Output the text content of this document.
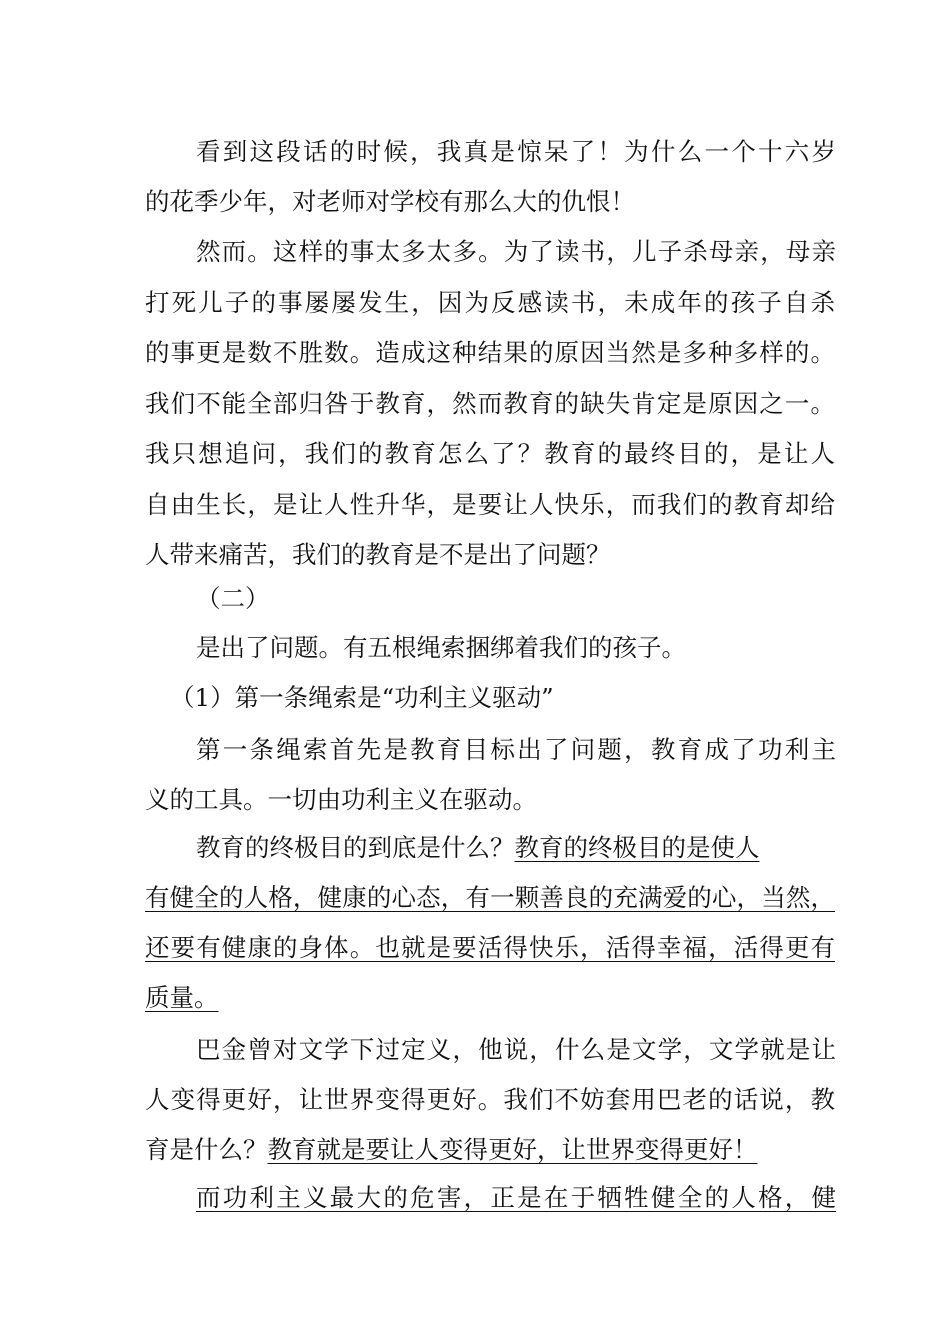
看到这段话的时候，我真是惊呆了！为什么一个十六岁
的花季少年，对老师对学校有那么大的仇恨！
然而。这样的事太多太多。为了读书，儿子杀母亲，母亲
打死儿子的事屡屡发生，因为反感读书，未成年的孩子自杀
的事更是数不胜数。造成这种结果的原因当然是多种多样的。
我们不能全部归咎于教育，然而教育的缺失肯定是原因之一。
我只想追问，我们的教育怎么了？教育的最终目的，是让人
自由生长，是让人性升华，是要让人快乐，而我们的教育却给
人带来痛苦，我们的教育是不是出了问题？
（二）
是出了问题。有五根绳索捆绑着我们的孩子。
（1）第一条绳索是“功利主义驱动”
第一条绳索首先是教育目标出了问题，教育成了功利主
义的工具。一切由功利主义在驱动。
教育的终极目的到底是什么？教育的终极目的是使人
有健全的人格，健康的心态，有一颗善良的充满爱的心，当然，
还要有健康的身体。也就是要活得快乐，活得幸福，活得更有
质量。
巴金曾对文学下过定义，他说，什么是文学，文学就是让
人变得更好，让世界变得更好。我们不妨套用巴老的话说，教
育是什么？教育就是要让人变得更好，让世界变得更好！
而功利主义最大的危害，正是在于牺牲健全的人格，健
